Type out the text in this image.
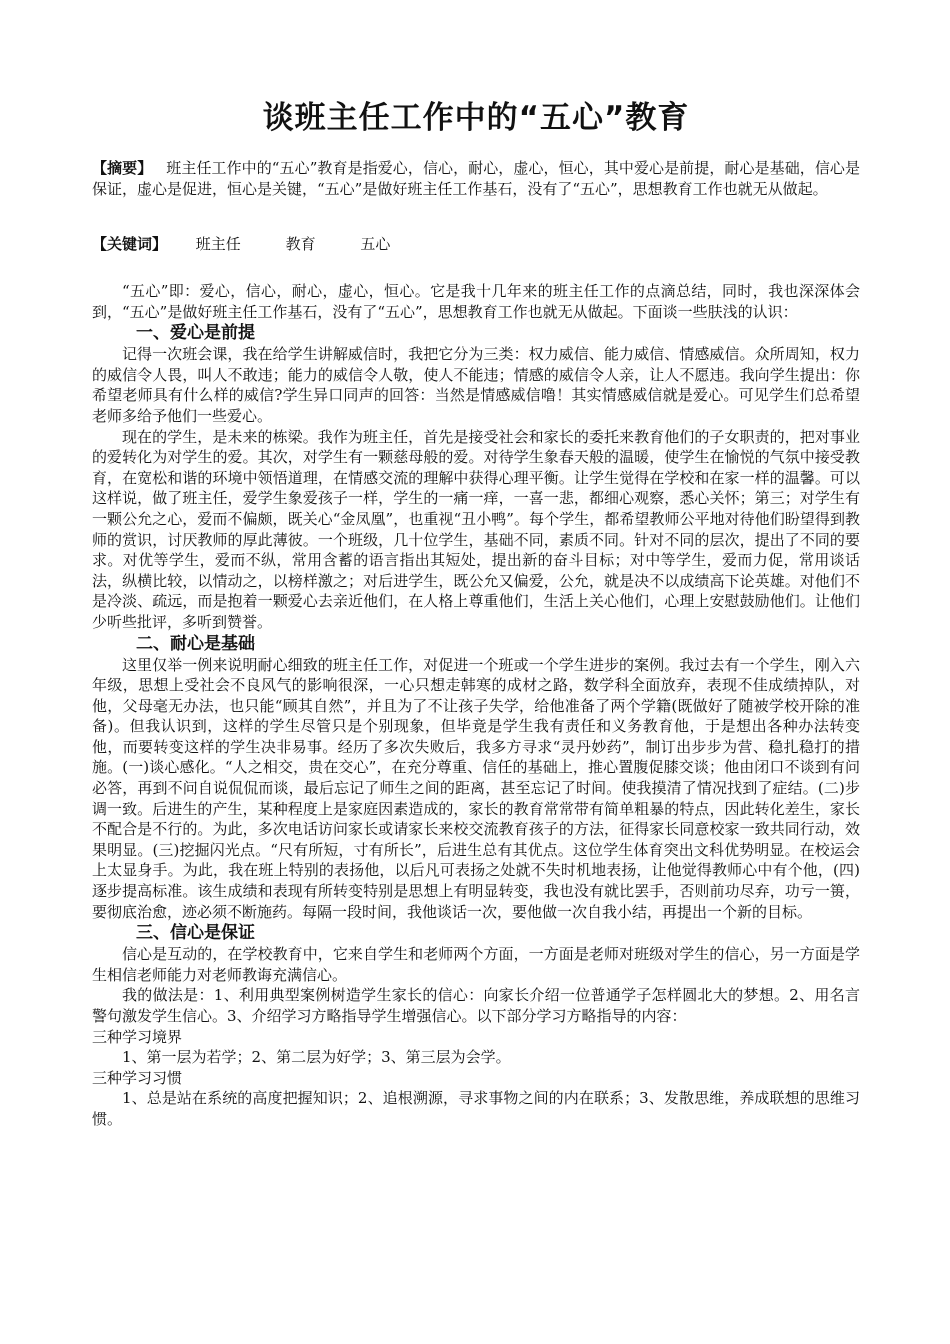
谈班主任工作中的“五心”教育

【摘要】 班主任工作中的“五心”教育是指爱心，信心，耐心，虚心，恒心，其中爱心是前提，耐心是基础，信心是保证，虚心是促进，恒心是关键，“五心”是做好班主任工作基石，没有了“五心”，思想教育工作也就无从做起。

【关键词】 班主任	教育	五心

“五心”即：爱心，信心，耐心，虚心，恒心。它是我十几年来的班主任工作的点滴总结，同时，我也深深体会到，“五心”是做好班主任工作基石，没有了“五心”，思想教育工作也就无从做起。下面谈一些肤浅的认识：

一、爱心是前提

记得一次班会课，我在给学生讲解威信时，我把它分为三类：权力威信、能力威信、情感威信。众所周知，权力的威信令人畏，叫人不敢违；能力的威信令人敬，使人不能违；情感的威信令人亲，让人不愿违。我向学生提出：你希望老师具有什么样的威信?学生异口同声的回答：当然是情感威信噜！其实情感威信就是爱心。可见学生们总希望老师多给予他们一些爱心。

现在的学生，是未来的栋梁。我作为班主任，首先是接受社会和家长的委托来教育他们的子女职责的，把对事业的爱转化为对学生的爱。其次，对学生有一颗慈母般的爱。对待学生象春天般的温暖，使学生在愉悦的气氛中接受教育，在宽松和谐的环境中领悟道理，在情感交流的理解中获得心理平衡。让学生觉得在学校和在家一样的温馨。可以这样说，做了班主任，爱学生象爱孩子一样，学生的一痛一痒，一喜一悲，都细心观察，悉心关怀；第三；对学生有一颗公允之心，爱而不偏颇，既关心“金凤凰”，也重视“丑小鸭”。每个学生，都希望教师公平地对待他们盼望得到教师的赏识，讨厌教师的厚此薄彼。一个班级，几十位学生，基础不同，素质不同。针对不同的层次，提出了不同的要求。对优等学生，爱而不纵，常用含蓄的语言指出其短处，提出新的奋斗目标；对中等学生，爱而力促，常用谈话法，纵横比较，以情动之，以榜样激之；对后进学生，既公允又偏爱，公允，就是决不以成绩高下论英雄。对他们不是冷淡、疏远，而是抱着一颗爱心去亲近他们，在人格上尊重他们，生活上关心他们，心理上安慰鼓励他们。让他们少听些批评，多听到赞誉。

二、耐心是基础

这里仅举一例来说明耐心细致的班主任工作，对促进一个班或一个学生进步的案例。我过去有一个学生，刚入六年级，思想上受社会不良风气的影响很深，一心只想走韩寒的成材之路，数学科全面放弃，表现不佳成绩掉队，对他，父母毫无办法，也只能“顾其自然”，并且为了不让孩子失学，给他准备了两个学籍(既做好了随被学校开除的准备)。但我认识到，这样的学生尽管只是个别现象，但毕竟是学生我有责任和义务教育他，于是想出各种办法转变他，而要转变这样的学生决非易事。经历了多次失败后，我多方寻求“灵丹妙药”，制订出步步为营、稳扎稳打的措施。(一)谈心感化。“人之相交，贵在交心”，在充分尊重、信任的基础上，推心置腹促膝交谈；他由闭口不谈到有问必答，再到不问自说侃侃而谈，最后忘记了师生之间的距离，甚至忘记了时间。使我摸清了情况找到了症结。(二)步调一致。后进生的产生，某种程度上是家庭因素造成的，家长的教育常常带有简单粗暴的特点，因此转化差生，家长不配合是不行的。为此，多次电话访问家长或请家长来校交流教育孩子的方法，征得家长同意校家一致共同行动，效果明显。(三)挖掘闪光点。“尺有所短，寸有所长”，后进生总有其优点。这位学生体育突出文科优势明显。在校运会上太显身手。为此，我在班上特别的表扬他，以后凡可表扬之处就不失时机地表扬，让他觉得教师心中有个他，(四)逐步提高标准。该生成绩和表现有所转变特别是思想上有明显转变，我也没有就比罢手，否则前功尽弃，功亏一篑，要彻底治愈，迹必须不断施药。每隔一段时间，我他谈话一次，要他做一次自我小结，再提出一个新的目标。

三、信心是保证

信心是互动的，在学校教育中，它来自学生和老师两个方面，一方面是老师对班级对学生的信心，另一方面是学生相信老师能力对老师教诲充满信心。

我的做法是：1、利用典型案例树造学生家长的信心：向家长介绍一位普通学子怎样圆北大的梦想。2、用名言警句激发学生信心。3、介绍学习方略指导学生增强信心。以下部分学习方略指导的内容：

三种学习境界

1、第一层为若学；2、第二层为好学；3、第三层为会学。

三种学习习惯

1、总是站在系统的高度把握知识；2、追根溯源，寻求事物之间的内在联系；3、发散思维，养成联想的思维习惯。
